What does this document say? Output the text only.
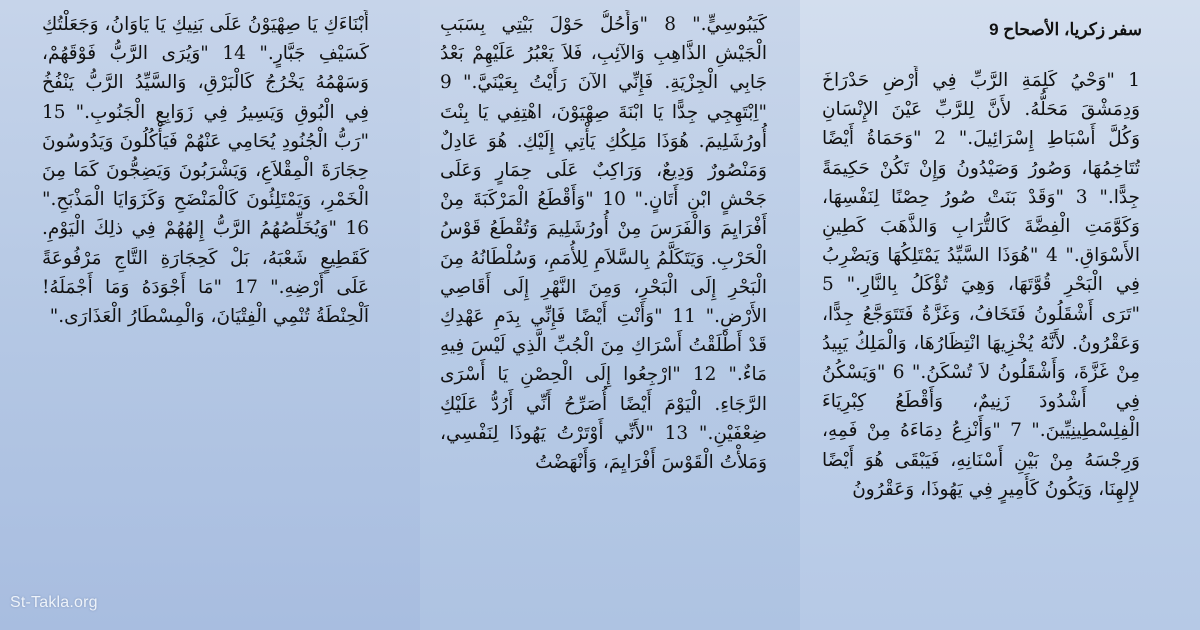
سفر زكريا، الأصحاح 9
1 "وَحْيُ كَلِمَةِ الرَّبِّ فِي أَرْضِ حَدْرَاخَ وَدِمَشْقَ مَحَلُّهُ. لأَنَّ لِلرَّبِّ عَيْنَ الإِنْسَانِ وَكُلَّ أَسْبَاطِ إِسْرَائِيلَ." 2 "وَحَمَاةُ أَيْضًا تُتَاخِمُهَا، وَصُورُ وَصَيْدُونُ وَإِنْ تَكُنْ حَكِيمَةً جِدًّا." 3 "وَقَدْ بَنَتْ صُورُ حِصْنًا لِنَفْسِهَا، وَكَوَّمَتِ الْفِضَّةَ كَالتُّرَابِ وَالذَّهَبَ كَطِينِ الأَسْوَاقِ." 4 "هُوَذَا السَّيِّدُ يَمْتَلِكُهَا وَيَضْرِبُ فِي الْبَحْرِ قُوَّتَهَا، وَهِيَ تُؤْكَلُ بِالنَّارِ." 5 "تَرَى أَشْقَلُونُ فَتَخَافُ، وَغَزَّةُ فَتَتَوَجَّعُ جِدًّا، وَعَقْرُونُ. لأَنَّهُ يُخْزِيهَا انْتِظَارُهَا، وَالْمَلِكُ يَبِيدُ مِنْ غَزَّةَ، وَأَشْقَلُونُ لاَ تُسْكَنُ." 6 "وَيَسْكُنُ فِي أَشْدُودَ زَنِيمٌ، وَأَقْطَعُ كِبْرِيَاءَ الْفِلِسْطِينِيِّينَ." 7 "وَأَنْزِعُ دِمَاءَهُ مِنْ فَمِهِ، وَرِجْسَهُ مِنْ بَيْنِ أَسْنَانِهِ، فَيَبْقَى هُوَ أَيْضًا لإِلهِنَا، وَيَكُونُ كَأَمِيرٍ فِي يَهُوذَا، وَعَقْرُونُ
كَيَبُوسِيٍّ." 8 "وَأَحُلُّ حَوْلَ بَيْتِي بِسَبَبِ الْجَيْشِ الذَّاهِبِ وَالآئِبِ، فَلاَ يَعْبُرُ عَلَيْهِمْ بَعْدُ جَابِي الْجِزْيَةِ. فَإِنِّي الآنَ رَأَيْتُ بِعَيْنَيَّ." 9 "اِبْتَهِجِي جِدًّا يَا ابْنَةَ صِهْيَوْنَ، اهْتِفِي يَا بِنْتَ أُورُشَلِيمَ. هُوَذَا مَلِكُكِ يَأْتِي إِلَيْكِ. هُوَ عَادِلٌ وَمَنْصُورٌ وَدِيعٌ، وَرَاكِبٌ عَلَى حِمَارٍ وَعَلَى جَحْشٍ ابْنِ أَتَانٍ." 10 "وَأَقْطَعُ الْمَرْكَبَةَ مِنْ أَفْرَايِمَ وَالْفَرَسَ مِنْ أُورُشَلِيمَ وَتُقْطَعُ قَوْسُ الْحَرْبِ. وَيَتَكَلَّمُ بِالسَّلاَمِ لِلأُمَمِ، وَسُلْطَانُهُ مِنَ الْبَحْرِ إِلَى الْبَحْرِ، وَمِنَ النَّهْرِ إِلَى أَقَاصِي الأَرْضِ." 11 "وَأَنْتِ أَيْضًا فَإِنِّي بِدَمِ عَهْدِكِ قَدْ أَطْلَقْتُ أَسْرَاكِ مِنَ الْجُبِّ الَّذِي لَيْسَ فِيهِ مَاءٌ." 12 "ارْجِعُوا إِلَى الْحِصْنِ يَا أَسْرَى الرَّجَاءِ. الْيَوْمَ أَيْضًا أُصَرِّحُ أَنِّي أَرُدُّ عَلَيْكِ ضِعْفَيْنِ." 13 "لأَنِّي أَوْتَرْتُ يَهُوذَا لِنَفْسِي، وَمَلأْتُ الْقَوْسَ أَفْرَايِمَ، وَأَنْهَضْتُ
أَبْنَاءَكِ يَا صِهْيَوْنُ عَلَى بَنِيكِ يَا يَاوَانُ، وَجَعَلْتُكِ كَسَيْفِ جَبَّارٍ." 14 "وَيُرَى الرَّبُّ فَوْقَهُمْ، وَسَهْمُهُ يَخْرُجُ كَالْبَرْقِ، وَالسَّيِّدُ الرَّبُّ يَنْفُخُ فِي الْبُوقِ وَيَسِيرُ فِي زَوَابِعِ الْجَنُوبِ." 15 "رَبُّ الْجُنُودِ يُحَامِي عَنْهُمْ فَيَأْكُلُونَ وَيَدُوسُونَ حِجَارَةَ الْمِقْلاَعِ، وَيَشْرَبُونَ وَيَضِجُّونَ كَمَا مِنَ الْخَمْرِ، وَيَمْتَلِئُونَ كَالْمَنْضَحِ وَكَزَوَايَا الْمَذْبَحِ." 16 "وَيُخَلِّصُهُمُ الرَّبُّ إِلهُهُمْ فِي ذلِكَ الْيَوْمِ. كَقَطِيعٍ شَعْبَهُ، بَلْ كَحِجَارَةِ التَّاجِ مَرْفُوعَةً عَلَى أَرْضِهِ." 17 "مَا أَجْوَدَهُ وَمَا أَجْمَلَهُ! اَلْحِنْطَةُ تُنْمِي الْفِتْيَانَ، وَالْمِسْطَارُ الْعَذَارَى."
St-Takla.org
